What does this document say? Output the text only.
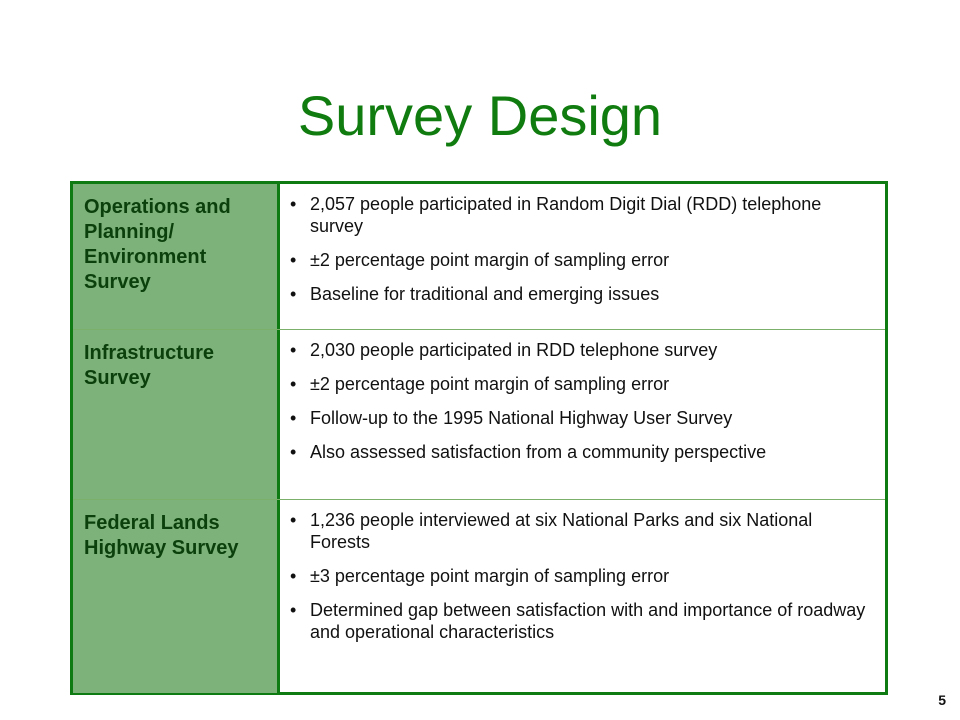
Survey Design
Operations and Planning/ Environment Survey
• 2,057 people participated in Random Digit Dial (RDD) telephone survey
• ±2 percentage point margin of sampling error
• Baseline for traditional and emerging issues
Infrastructure Survey
• 2,030 people participated in RDD telephone survey
• ±2 percentage point margin of sampling error
• Follow-up to the 1995 National Highway User Survey
• Also assessed satisfaction from a community perspective
Federal Lands Highway Survey
• 1,236 people interviewed at six National Parks and six National Forests
• ±3 percentage point margin of sampling error
• Determined gap between satisfaction with and importance of roadway and operational characteristics
5
